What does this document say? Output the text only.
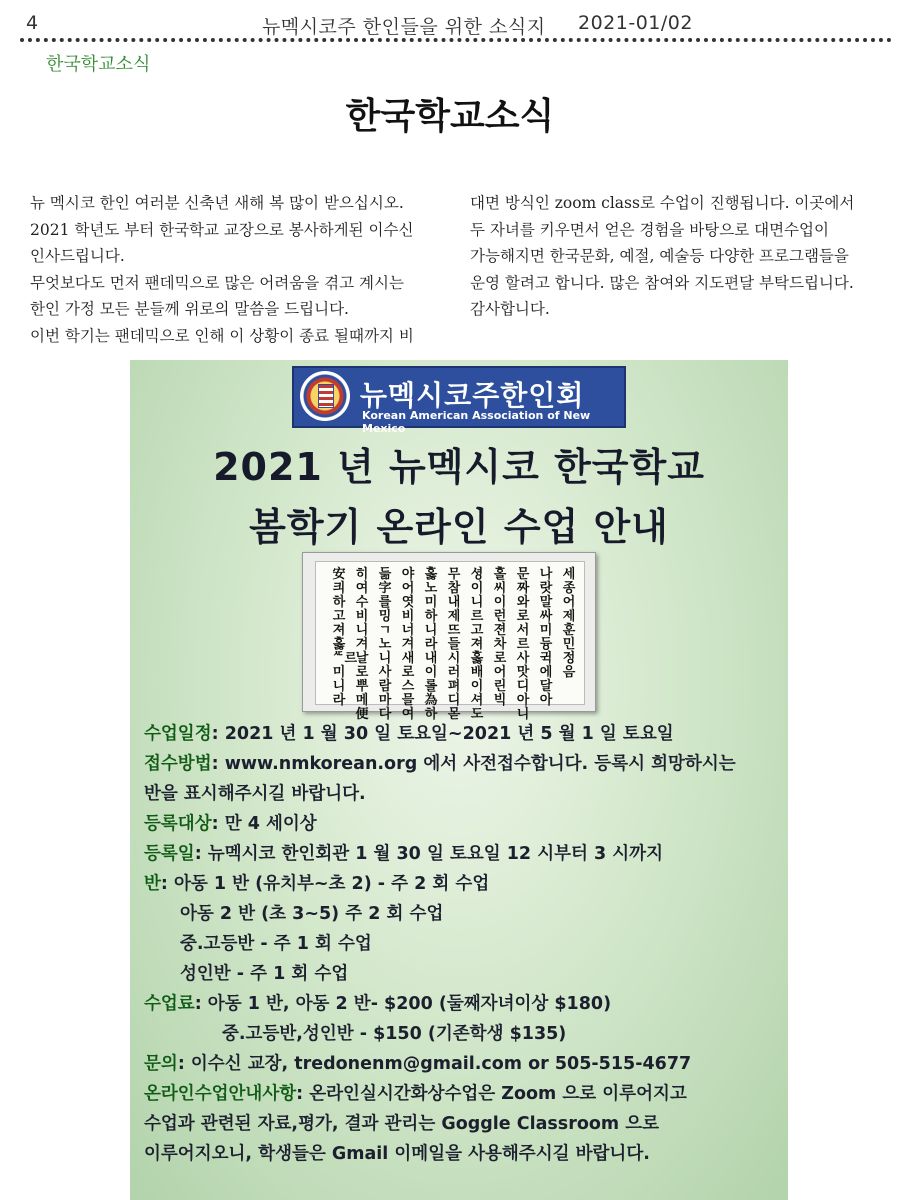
4	뉴멕시코주 한인들을 위한 소식지 2021-01/02
한국학교소식
한국학교소식

뉴 멕시코 한인 여러분 신축년 새해 복 많이 받으십시오.

2021 학년도 부터 한국학교 교장으로 봉사하게된 이수신

인사드립니다.

무엇보다도 먼저 팬데믹으로 많은 어려움을 겪고 계시는

한인 가정 모든 분들께 위로의 말씀을 드립니다.

이번 학기는 팬데믹으로 인해 이 상황이 종료 될때까지 비

대면 방식인 zoom class로 수업이 진행됩니다. 이곳에서

두 자녀를 키우면서 얻은 경험을 바탕으로 대면수업이

가능해지면 한국문화, 예절, 예술등 다양한 프로그램들을

운영 할려고 합니다. 많은 참여와 지도편달 부탁드립니다.

감사합니다.

뉴멕시코주한인회
Korean American Association of New Mexico
2021 년 뉴멕시코 한국학교
봄학기 온라인 수업 안내
세종어제훈민정음
나랏말싸미듕귁에달아
문짜와로서르사맛디아니
홀씨이런젼차로어린빅
셩이니르고져홇배이셔도
무참내제뜨들시러펴디몯
홇노미하니라내이롤為하
야어엿비너겨새로스믈여
듦字를밍ㄱ노니사람마다
히여수비니겨날로뿌메便
安킈하고져홇ᄯ르미니라
수업일정: 2021 년 1 월 30 일 토요일~2021 년 5 월 1 일 토요일
접수방법: www.nmkorean.org 에서 사전접수합니다. 등록시 희망하시는
반을 표시해주시길 바랍니다.
등록대상: 만 4 세이상
등록일: 뉴멕시코 한인회관 1 월 30 일 토요일 12 시부터 3 시까지
반: 아동 1 반 (유치부~초 2) - 주 2 회 수업
아동 2 반 (초 3~5) 주 2 회 수업
중.고등반 - 주 1 회 수업
성인반 - 주 1 회 수업
수업료: 아동 1 반, 아동 2 반- $200 (둘째자녀이상 $180)
중.고등반,성인반 - $150 (기존학생 $135)
문의: 이수신 교장, tredonenm@gmail.com or 505-515-4677
온라인수업안내사항: 온라인실시간화상수업은 Zoom 으로 이루어지고
수업과 관련된 자료,평가, 결과 관리는 Goggle Classroom 으로
이루어지오니, 학생들은 Gmail 이메일을 사용해주시길 바랍니다.
